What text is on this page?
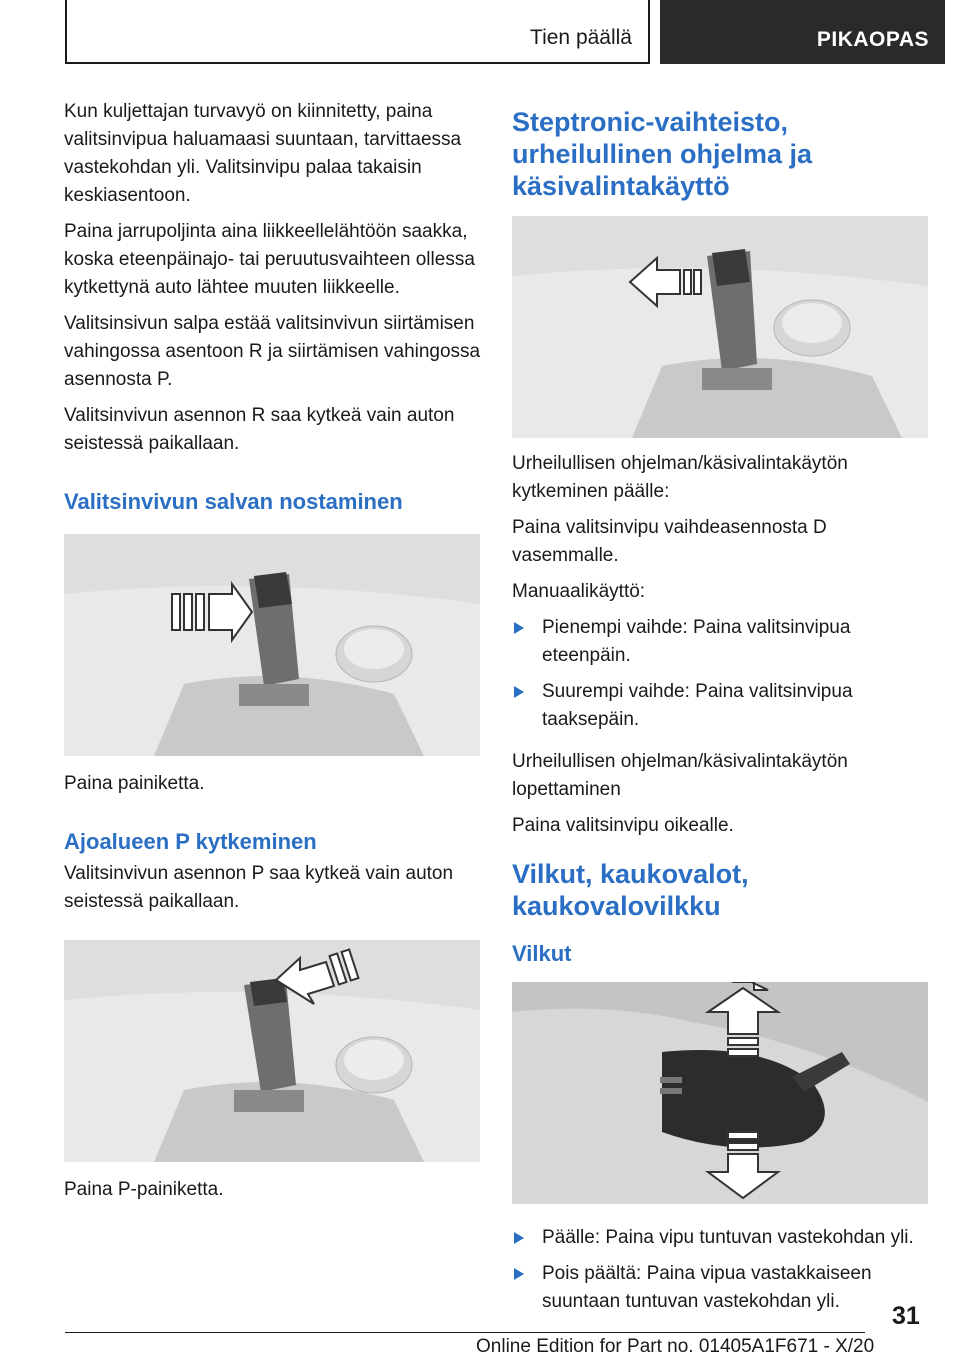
Tien päällä	PIKAOPAS

Kun kuljettajan turvavyö on kiinnitetty, paina valitsinvipua haluamaasi suuntaan, tarvittaessa vastekohdan yli. Valitsinvipu palaa takaisin keskiasentoon.

Paina jarrupoljinta aina liikkeellelähtöön saakka, koska eteenpäinajo- tai peruutusvaihteen ollessa kytkettynä auto lähtee muuten liikkeelle.

Valitsinsivun salpa estää valitsinvivun siirtämisen vahingossa asentoon R ja siirtämisen vahingossa asennosta P.

Valitsinvivun asennon R saa kytkeä vain auton seistessä paikallaan.

Valitsinvivun salvan nostaminen

Paina painiketta.

Ajoalueen P kytkeminen

Valitsinvivun asennon P saa kytkeä vain auton seistessä paikallaan.

Paina P-painiketta.

Steptronic-vaihteisto, urheilullinen ohjelma ja käsivalintakäyttö

Urheilullisen ohjelman/käsivalintakäytön kytkeminen päälle:

Paina valitsinvipu vaihdeasennosta D vasemmalle.

Manuaalikäyttö:

Pienempi vaihde: Paina valitsinvipua eteenpäin.
Suurempi vaihde: Paina valitsinvipua taaksepäin.

Urheilullisen ohjelman/käsivalintakäytön lopettaminen

Paina valitsinvipu oikealle.

Vilkut, kaukovalot, kaukovalovilkku
Vilkut
Päälle: Paina vipu tuntuvan vastekohdan yli.
Pois päältä: Paina vipua vastakkaiseen suuntaan tuntuvan vastekohdan yli.
31
Online Edition for Part no. 01405A1F671 - X/20
